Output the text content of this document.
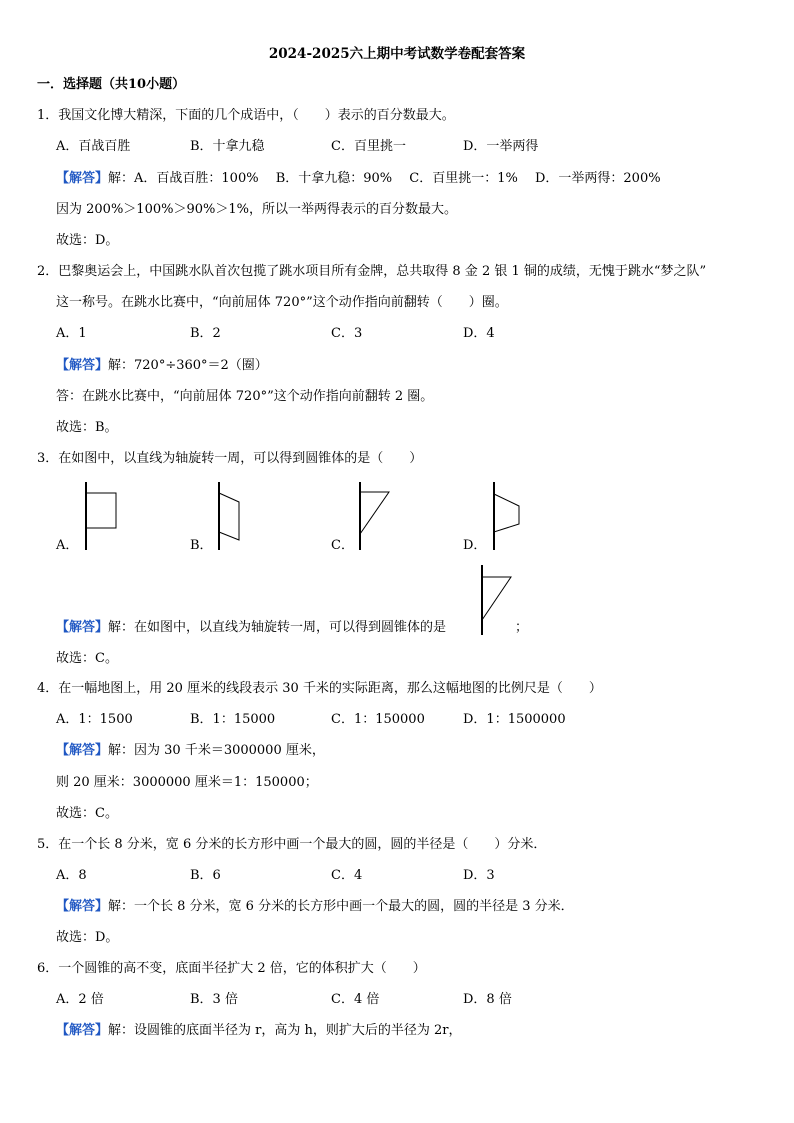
2024-2025六上期中考试数学卷配套答案
一．选择题（共10小题）
1．我国文化博大精深，下面的几个成语中，（　　）表示的百分数最大。
A．百战百胜	B．十拿九稳	C．百里挑一	D．一举两得
【解答】解：A．百战百胜：100%　 B．十拿九稳：90%　 C．百里挑一：1%　 D．一举两得：200%
因为 200%＞100%＞90%＞1%，所以一举两得表示的百分数最大。
故选：D。
2．巴黎奥运会上，中国跳水队首次包揽了跳水项目所有金牌，总共取得 8 金 2 银 1 铜的成绩，无愧于跳水“梦之队”
这一称号。在跳水比赛中，“向前屈体 720°”这个动作指向前翻转（　　）圈。
A．1	B．2	C．3	D．4
【解答】解：720°÷360°＝2（圈）
答：在跳水比赛中，“向前屈体 720°”这个动作指向前翻转 2 圈。
故选：B。
3．在如图中，以直线为轴旋转一周，可以得到圆锥体的是（　　）
A．	B．	C．	D．
【解答】解：在如图中，以直线为轴旋转一周，可以得到圆锥体的是	；
故选：C。
4．在一幅地图上，用 20 厘米的线段表示 30 千米的实际距离，那么这幅地图的比例尺是（　　）
A．1：1500	B．1：15000	C．1：150000	D．1：1500000
【解答】解：因为 30 千米＝3000000 厘米，
则 20 厘米：3000000 厘米＝1：150000；
故选：C。
5．在一个长 8 分米，宽 6 分米的长方形中画一个最大的圆，圆的半径是（　　）分米．
A．8	B．6	C．4	D．3
【解答】解：一个长 8 分米，宽 6 分米的长方形中画一个最大的圆，圆的半径是 3 分米．
故选：D。
6．一个圆锥的高不变，底面半径扩大 2 倍，它的体积扩大（　　）
A．2 倍	B．3 倍	C．4 倍	D．8 倍
【解答】解：设圆锥的底面半径为 r，高为 h，则扩大后的半径为 2r，
